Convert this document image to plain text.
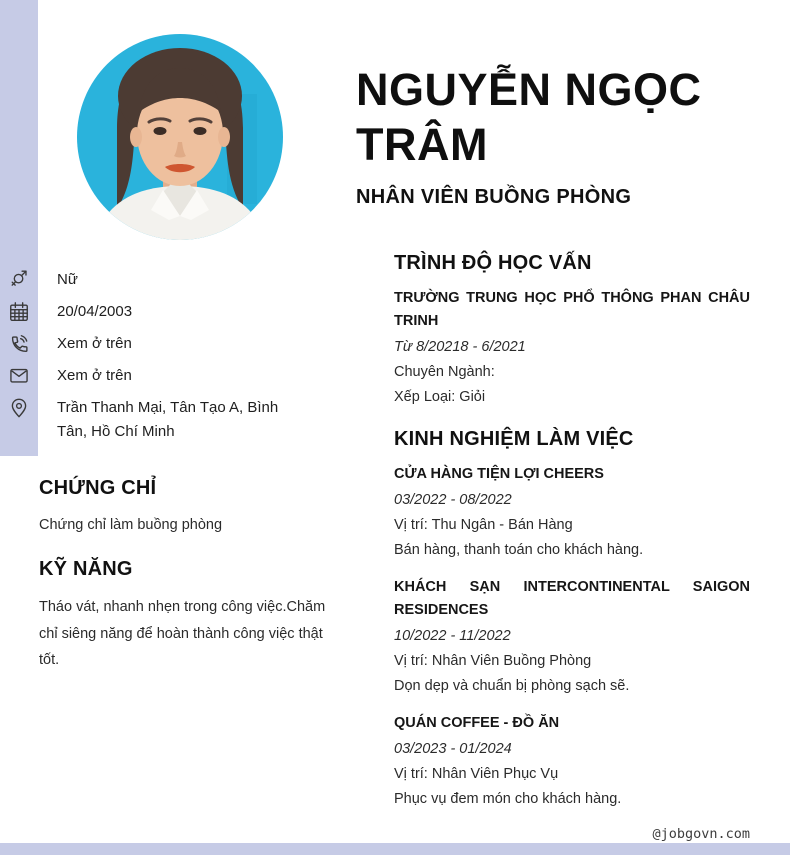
NGUYỄN NGỌC TRÂM
NHÂN VIÊN BUỒNG PHÒNG
TRÌNH ĐỘ HỌC VẤN
TRƯỜNG TRUNG HỌC PHỔ THÔNG PHAN CHÂU TRINH
Từ 8/20218 - 6/2021
Chuyên Ngành:
Xếp Loại: Giỏi
KINH NGHIỆM LÀM VIỆC
CỬA HÀNG TIỆN LỢI CHEERS
03/2022 - 08/2022
Vị trí: Thu Ngân - Bán Hàng
Bán hàng, thanh toán cho khách hàng.
KHÁCH SẠN INTERCONTINENTAL SAIGON RESIDENCES
10/2022 - 11/2022
Vị trí: Nhân Viên Buồng Phòng
Dọn dẹp và chuẩn bị phòng sạch sẽ.
QUÁN COFFEE - ĐỒ ĂN
03/2023 - 01/2024
Vị trí: Nhân Viên Phục Vụ
Phục vụ đem món cho khách hàng.
Nữ
20/04/2003
Xem ở trên
Xem ở trên
Trần Thanh Mại, Tân Tạo A, Bình Tân, Hồ Chí Minh
CHỨNG CHỈ
Chứng chỉ làm buồng phòng
KỸ NĂNG
Tháo vát, nhanh nhẹn trong công việc.Chăm chỉ siêng năng để hoàn thành công việc thật tốt.
@jobgovn.com
